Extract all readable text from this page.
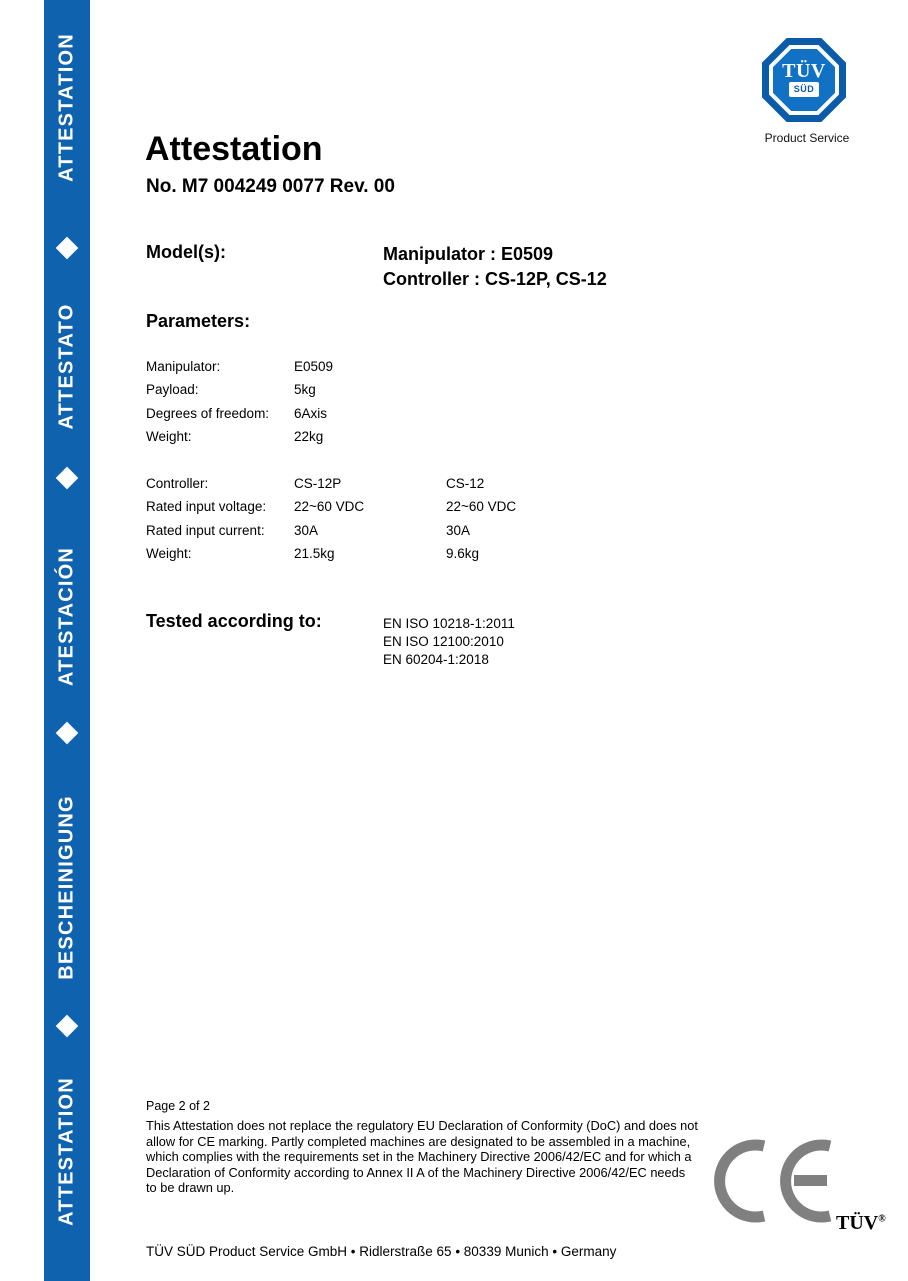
ATTESTATION
ATTESTATO
ATESTACIÓN
BESCHEINIGUNG
ATTESTATION
TÜV
SÜD
Product Service
Attestation
No. M7 004249 0077 Rev. 00
Model(s):	Manipulator : E0509
Controller : CS-12P, CS-12
Parameters:
Manipulator:	E0509	
Payload:	5kg	
Degrees of freedom:	6Axis	
Weight:	22kg	
Controller:	CS-12P	CS-12
Rated input voltage:	22~60 VDC	22~60 VDC
Rated input current:	30A	30A
Weight:	21.5kg	9.6kg
Tested according to:	EN ISO 10218-1:2011
EN ISO 12100:2010
EN 60204-1:2018
Page 2 of 2
This Attestation does not replace the regulatory EU Declaration of Conformity (DoC) and does not allow for CE marking. Partly completed machines are designated to be assembled in a machine, which complies with the requirements set in the Machinery Directive 2006/42/EC and for which a Declaration of Conformity according to Annex II A of the Machinery Directive 2006/42/EC needs to be drawn up.
TÜV SÜD Product Service GmbH • Ridlerstraße 65 • 80339 Munich • Germany
TÜV®
